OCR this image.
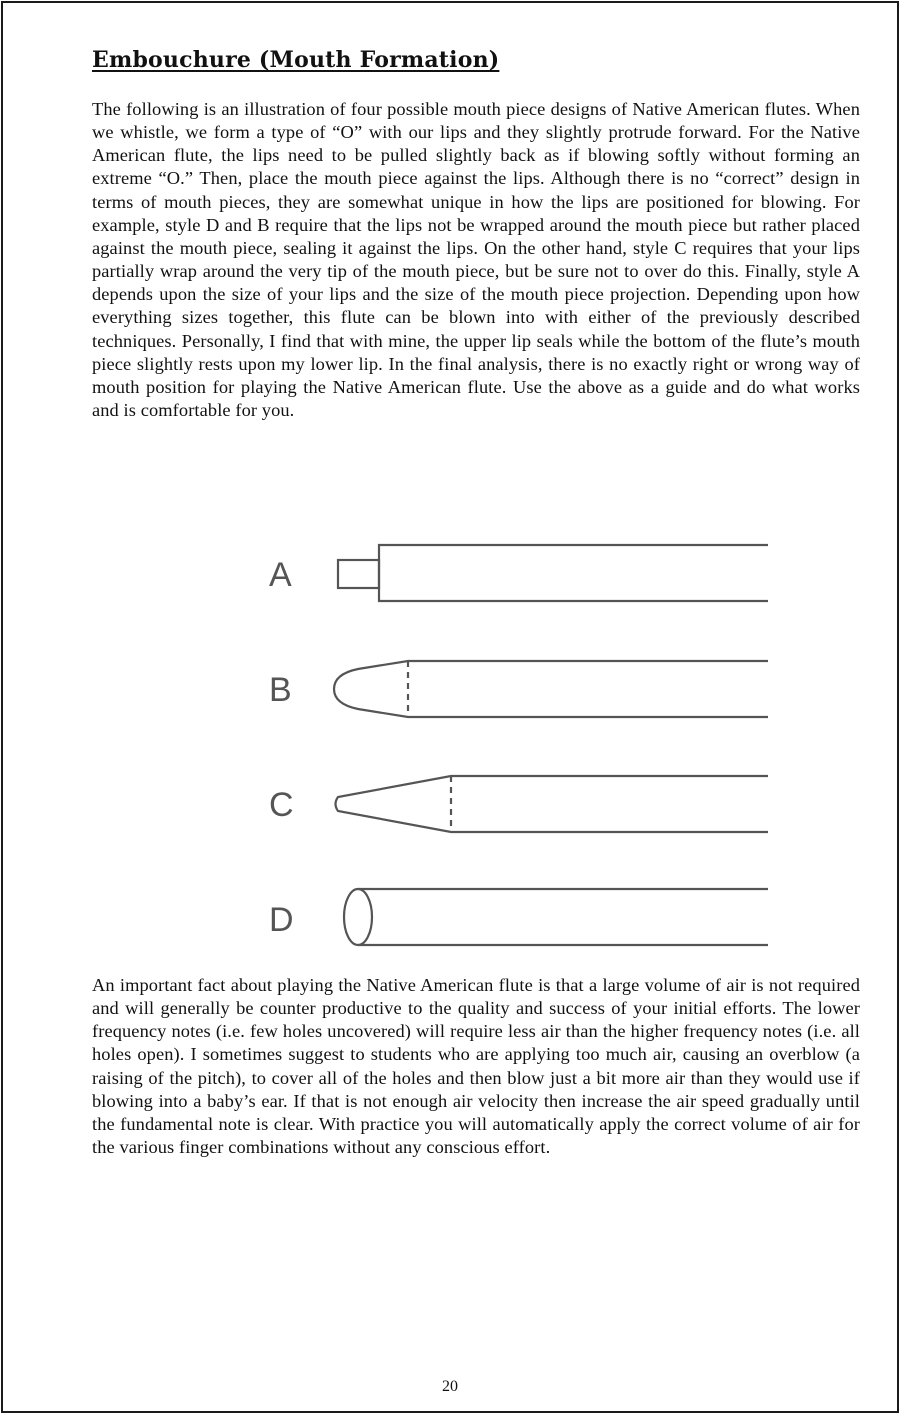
Embouchure (Mouth Formation)

The following is an illustration of four possible mouth piece designs of Native American flutes. When we whistle, we form a type of “O” with our lips and they slightly protrude forward. For the Native American flute, the lips need to be pulled slightly back as if blowing softly without forming an extreme “O.” Then, place the mouth piece against the lips. Although there is no “correct” design in terms of mouth pieces, they are somewhat unique in how the lips are positioned for blowing. For example, style D and B require that the lips not be wrapped around the mouth piece but rather placed against the mouth piece, sealing it against the lips. On the other hand, style C requires that your lips partially wrap around the very tip of the mouth piece, but be sure not to over do this. Finally, style A depends upon the size of your lips and the size of the mouth piece projection. Depending upon how everything sizes together, this flute can be blown into with either of the previously described techniques. Personally, I find that with mine, the upper lip seals while the bottom of the flute’s mouth piece slightly rests upon my lower lip. In the final analysis, there is no exactly right or wrong way of mouth position for playing the Native American flute. Use the above as a guide and do what works and is comfortable for you.

A
B
C
D

An important fact about playing the Native American flute is that a large volume of air is not required and will generally be counter productive to the quality and success of your initial efforts. The lower frequency notes (i.e. few holes uncovered) will require less air than the higher frequency notes (i.e. all holes open). I sometimes suggest to students who are applying too much air, causing an overblow (a raising of the pitch), to cover all of the holes and then blow just a bit more air than they would use if blowing into a baby’s ear. If that is not enough air velocity then increase the air speed gradually until the fundamental note is clear. With practice you will automatically apply the correct volume of air for the various finger combinations without any conscious effort.

20
